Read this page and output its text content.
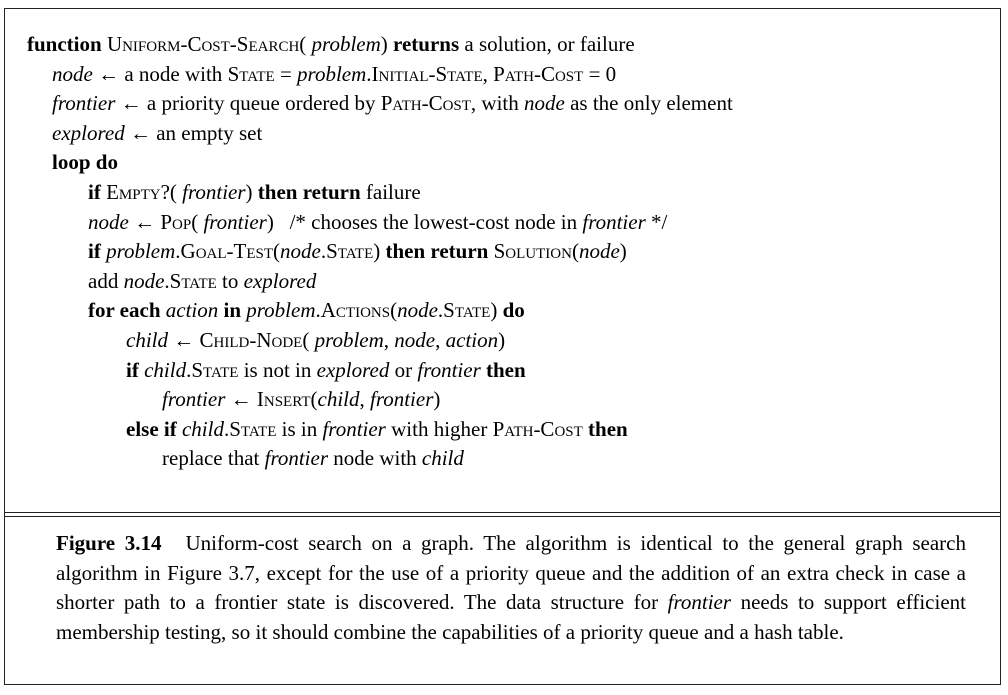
function Uniform-Cost-Search( problem) returns a solution, or failure
node ← a node with State = problem.Initial-State, Path-Cost = 0
frontier ← a priority queue ordered by Path-Cost, with node as the only element
explored ← an empty set
loop do
if Empty?( frontier) then return failure
node ← Pop( frontier)   /* chooses the lowest-cost node in frontier */
if problem.Goal-Test(node.State) then return Solution(node)
add node.State to explored
for each action in problem.Actions(node.State) do
child ← Child-Node( problem, node, action)
if child.State is not in explored or frontier then
frontier ← Insert(child, frontier)
else if child.State is in frontier with higher Path-Cost then
replace that frontier node with child
Figure 3.14 Uniform-cost search on a graph. The algorithm is identical to the general graph search algorithm in Figure 3.7, except for the use of a priority queue and the addition of an extra check in case a shorter path to a frontier state is discovered. The data structure for frontier needs to support efficient membership testing, so it should combine the capabilities of a priority queue and a hash table.
